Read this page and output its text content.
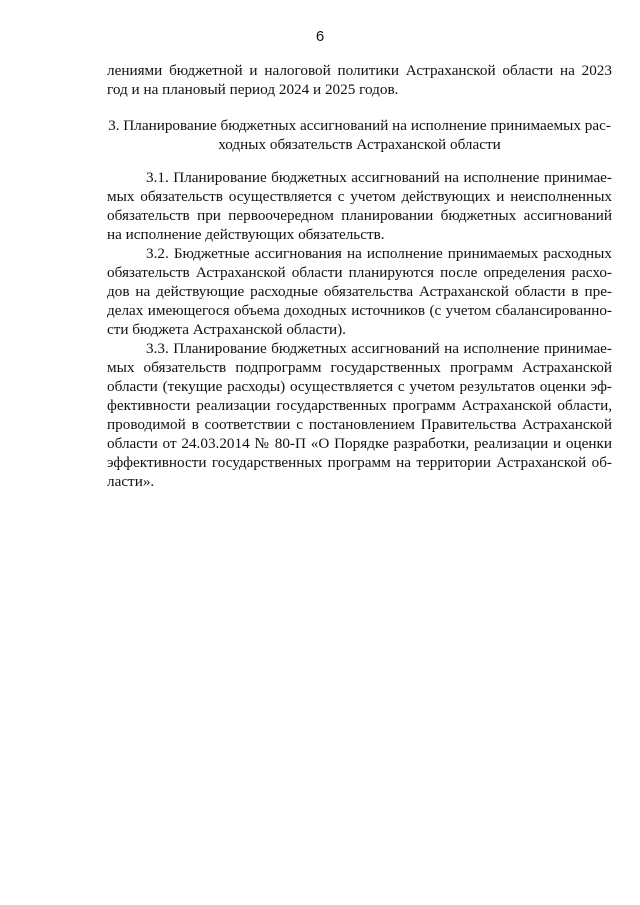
6
лениями бюджетной и налоговой политики Астраханской области на 2023
год и на плановый период 2024 и 2025 годов.
3. Планирование бюджетных ассигнований на исполнение принимаемых рас-
ходных обязательств Астраханской области
3.1. Планирование бюджетных ассигнований на исполнение принимае-
мых обязательств осуществляется с учетом действующих и неисполненных
обязательств при первоочередном планировании бюджетных ассигнований
на исполнение действующих обязательств.
3.2. Бюджетные ассигнования на исполнение принимаемых расходных
обязательств Астраханской области планируются после определения расхо-
дов на действующие расходные обязательства Астраханской области в пре-
делах имеющегося объема доходных источников (с учетом сбалансированно-
сти бюджета Астраханской области).
3.3. Планирование бюджетных ассигнований на исполнение принимае-
мых обязательств подпрограмм государственных программ Астраханской
области (текущие расходы) осуществляется с учетом результатов оценки эф-
фективности реализации государственных программ Астраханской области,
проводимой в соответствии с постановлением Правительства Астраханской
области от 24.03.2014 № 80-П «О Порядке разработки, реализации и оценки
эффективности государственных программ на территории Астраханской об-
ласти».
